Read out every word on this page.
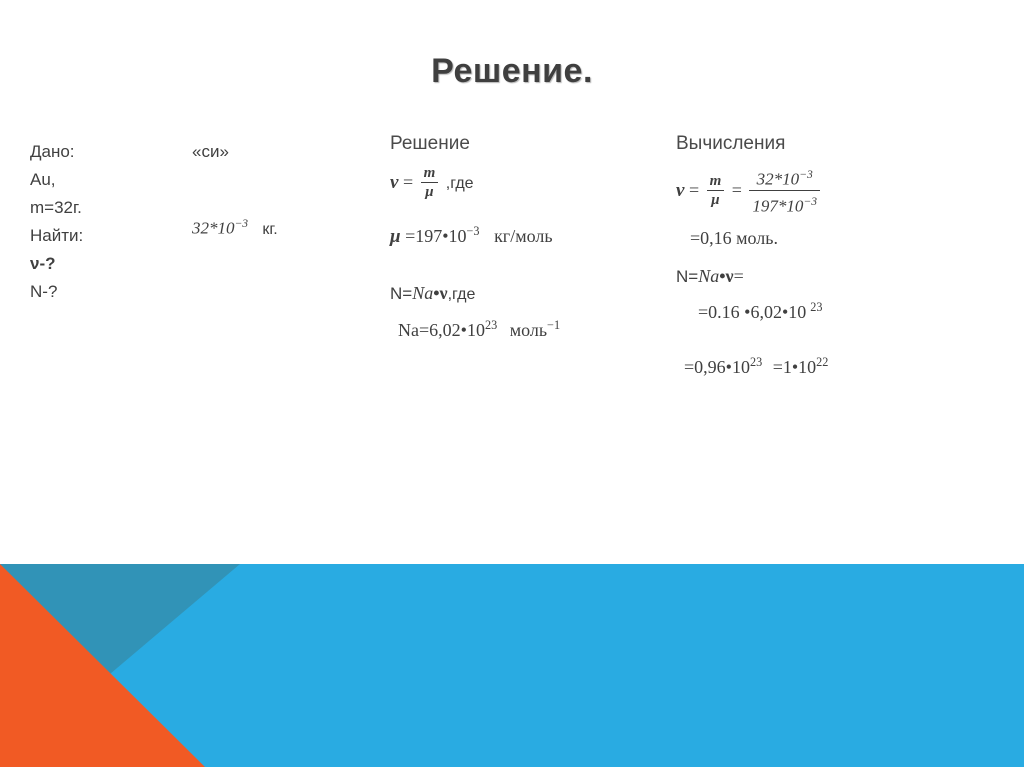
Решение.
Дано:
Au,
m=32г.
Найти:
ν-?
N-?
«си»
$32*10^{-3}$ кг.
Решение
$\nu = \frac{m}{\mu} ,где$
$\mu =197•10^{-3}$ кг/моль
N=Na•ν,где
$Na=6,02•10^{23}$ моль$^{-1}$
Вычисления
$\nu = \frac{m}{\mu} = \frac{32*10^{-3}}{197*10^{-3}}$
=0,16 моль.
N=Na•ν=
=0.16 •6,02•10 $^{23}$
$=0,96•10^{23}$ $=1•10^{22}$
